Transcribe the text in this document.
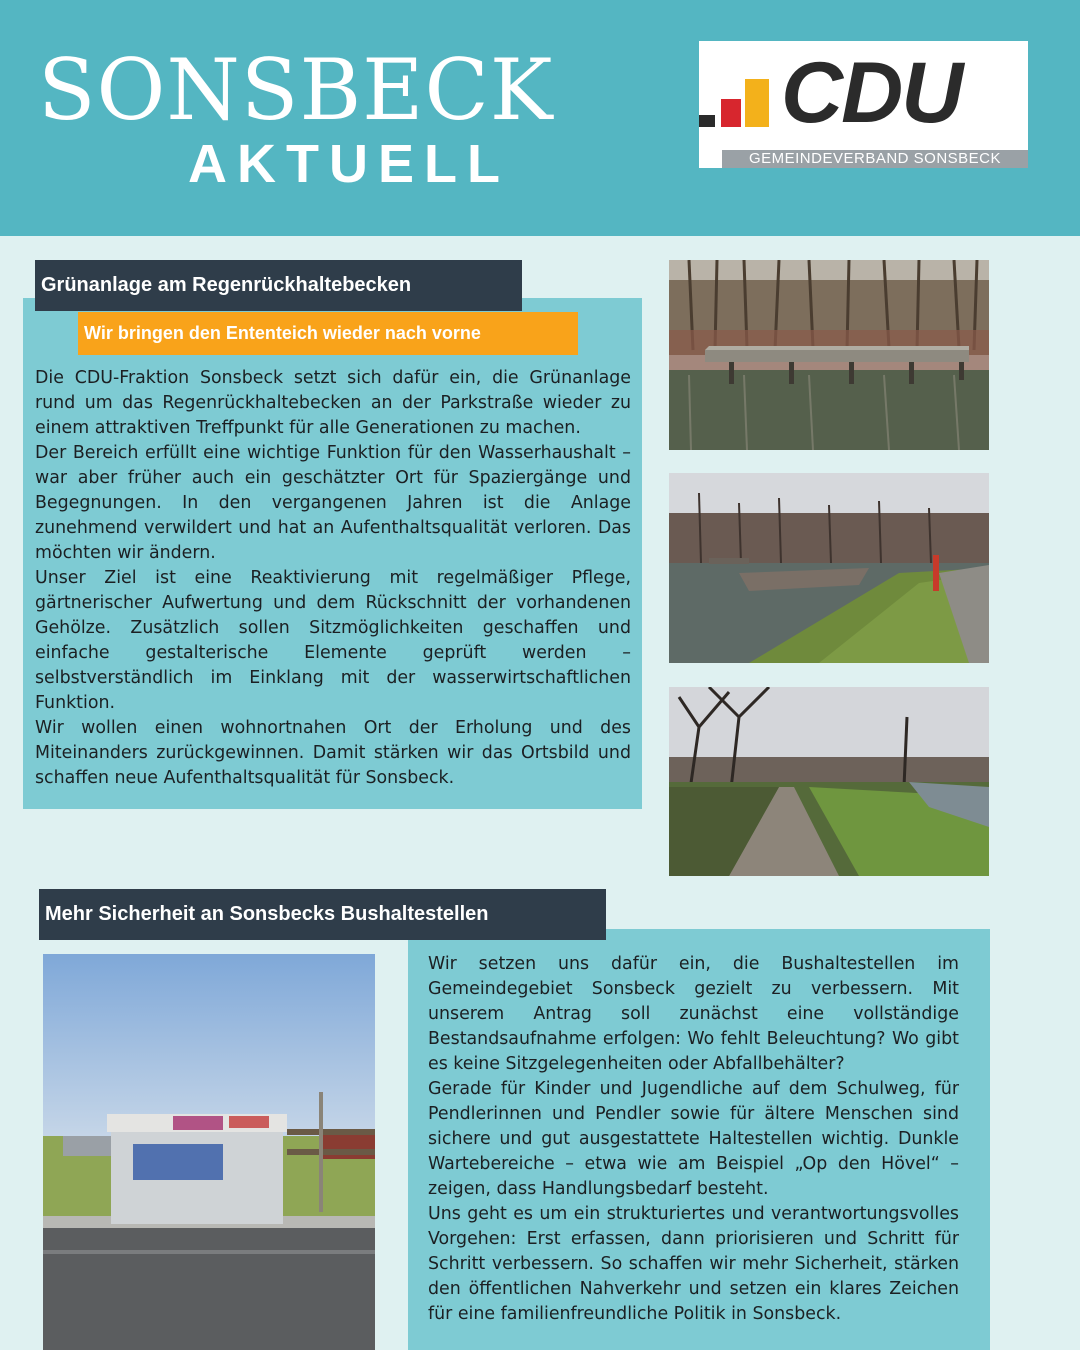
SONSBECK
AKTUELL
CDU
GEMEINDEVERBAND SONSBECK
Grünanlage am Regenrückhaltebecken
Wir bringen den Ententeich wieder nach vorne
Die CDU-Fraktion Sonsbeck setzt sich dafür ein, die Grünanlage rund um das Regenrückhaltebecken an der Parkstraße wieder zu einem attraktiven Treffpunkt für alle Generationen zu machen.
Der Bereich erfüllt eine wichtige Funktion für den Wasserhaushalt – war aber früher auch ein geschätzter Ort für Spaziergänge und Begegnungen. In den vergangenen Jahren ist die Anlage zunehmend verwildert und hat an Aufenthaltsqualität verloren. Das möchten wir ändern.
Unser Ziel ist eine Reaktivierung mit regelmäßiger Pflege, gärtnerischer Aufwertung und dem Rückschnitt der vorhandenen Gehölze. Zusätzlich sollen Sitzmöglichkeiten geschaffen und einfache gestalterische Elemente geprüft werden – selbstverständlich im Einklang mit der wasserwirtschaftlichen Funktion.
Wir wollen einen wohnortnahen Ort der Erholung und des Miteinanders zurückgewinnen. Damit stärken wir das Ortsbild und schaffen neue Aufenthaltsqualität für Sonsbeck.
Mehr Sicherheit an Sonsbecks Bushaltestellen
Wir setzen uns dafür ein, die Bushaltestellen im Gemeindegebiet Sonsbeck gezielt zu verbessern. Mit unserem Antrag soll zunächst eine vollständige Bestandsaufnahme erfolgen: Wo fehlt Beleuchtung? Wo gibt es keine Sitzgelegenheiten oder Abfallbehälter?
Gerade für Kinder und Jugendliche auf dem Schulweg, für Pendlerinnen und Pendler sowie für ältere Menschen sind sichere und gut ausgestattete Haltestellen wichtig. Dunkle Wartebereiche – etwa wie am Beispiel „Op den Hövel“ – zeigen, dass Handlungsbedarf besteht.
Uns geht es um ein strukturiertes und verantwortungsvolles Vorgehen: Erst erfassen, dann priorisieren und Schritt für Schritt verbessern. So schaffen wir mehr Sicherheit, stärken den öffentlichen Nahverkehr und setzen ein klares Zeichen für eine familienfreundliche Politik in Sonsbeck.
